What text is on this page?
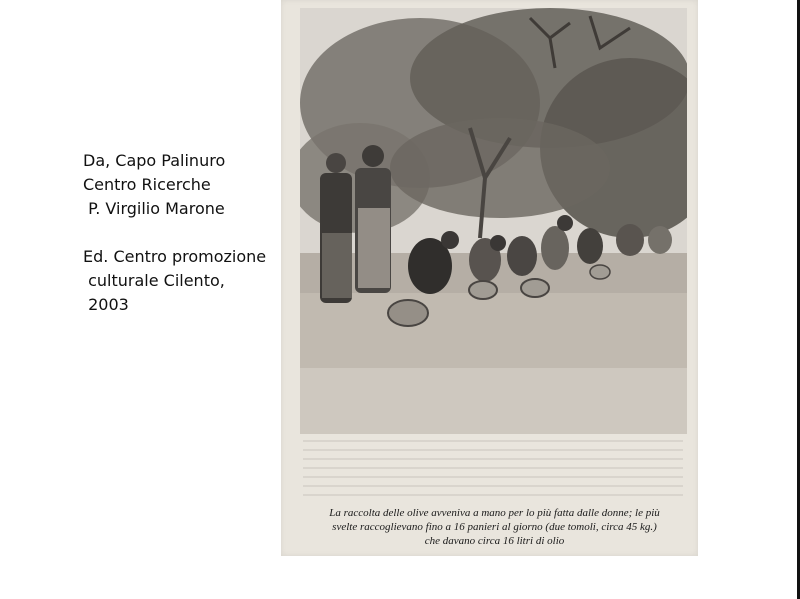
Da, Capo Palinuro
Centro Ricerche
P. Virgilio Marone
Ed. Centro promozione
culturale Cilento,
2003
La raccolta delle olive avveniva a mano per lo più fatta dalle donne; le più
svelte raccoglievano fino a 16 panieri al giorno (due tomoli, circa 45 kg.)
che davano circa 16 litri di olio
